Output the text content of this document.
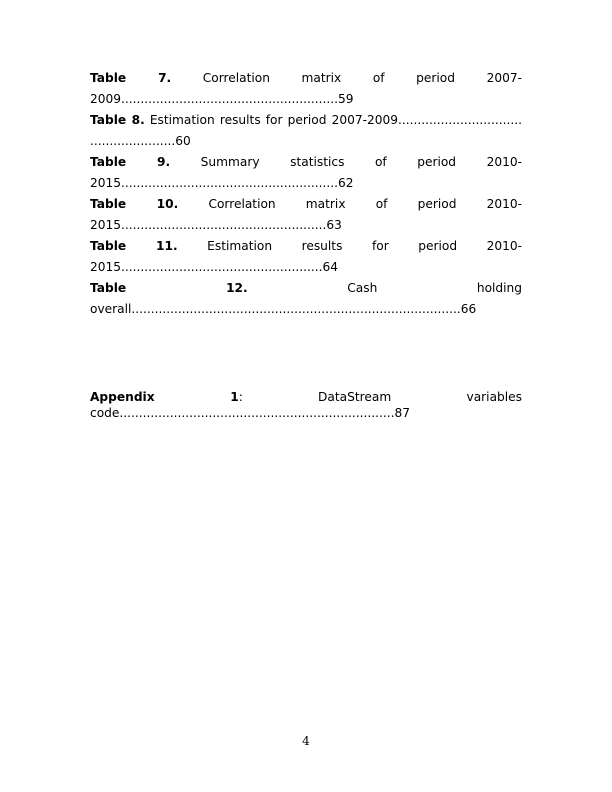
Table 7.	Correlation matrix of period 2007-2009........................................................59
Table 8. Estimation results for period 2007-2009................................ ......................60
Table 9.	Summary statistics of period 2010-2015........................................................62
Table 10. Correlation matrix of period 2010-2015.....................................................63
Table 11. Estimation results for period 2010-2015....................................................64
Table 12.	Cash holding overall.....................................................................................66
Appendix 1:	DataStream variables code.......................................................................87
4
